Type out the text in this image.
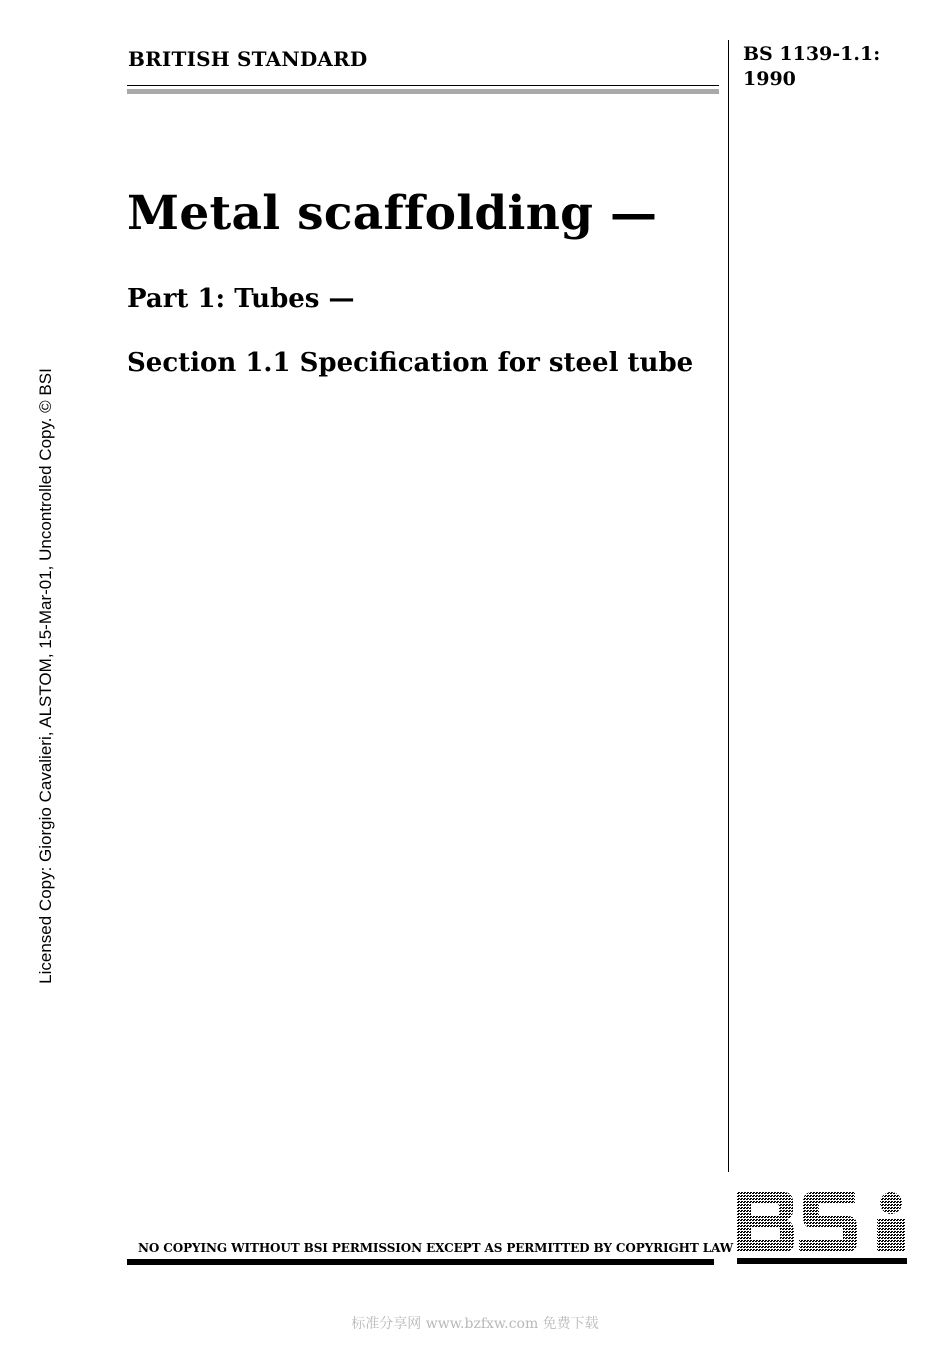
BRITISH STANDARD	BS 1139-1.1:
1990
Metal scaffolding —
Part 1: Tubes —
Section 1.1 Specification for steel tube
Licensed Copy: Giorgio Cavalieri, ALSTOM, 15-Mar-01, Uncontrolled Copy. © BSI
NO COPYING WITHOUT BSI PERMISSION EXCEPT AS PERMITTED BY COPYRIGHT LAW
标准分享网 www.bzfxw.com 免费下载
